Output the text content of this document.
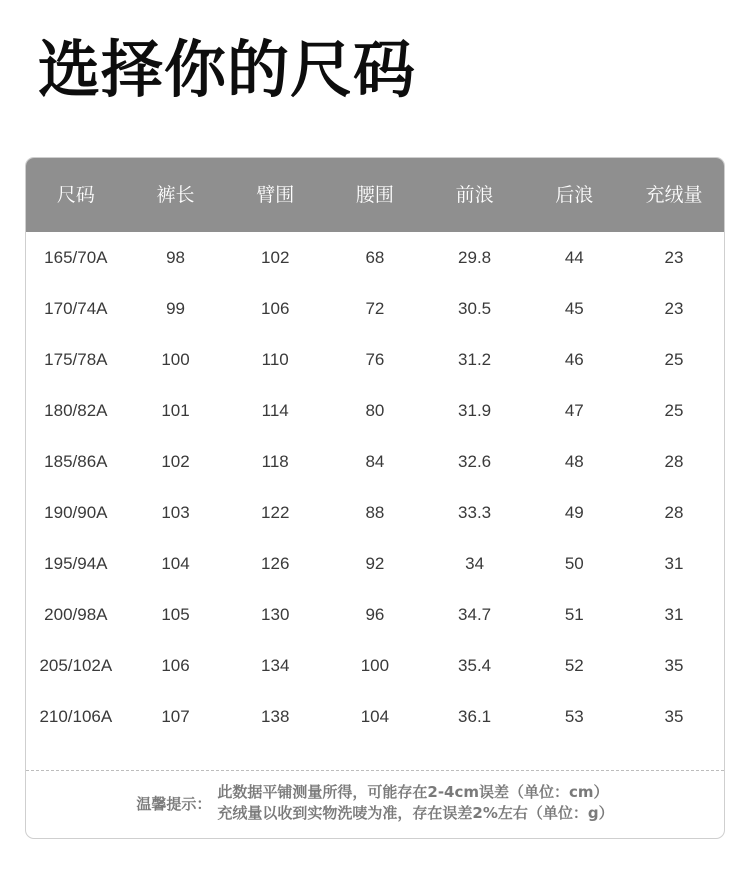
选择你的尺码
尺码	裤长	臂围	腰围	前浪	后浪	充绒量
165/70A	98	102	68	29.8	44	23
170/74A	99	106	72	30.5	45	23
175/78A	100	110	76	31.2	46	25
180/82A	101	114	80	31.9	47	25
185/86A	102	118	84	32.6	48	28
190/90A	103	122	88	33.3	49	28
195/94A	104	126	92	34	50	31
200/98A	105	130	96	34.7	51	31
205/102A	106	134	100	35.4	52	35
210/106A	107	138	104	36.1	53	35
温馨提示：
此数据平铺测量所得，可能存在2-4cm误差（单位：cm）
充绒量以收到实物洗唛为准，存在误差2%左右（单位：g）
